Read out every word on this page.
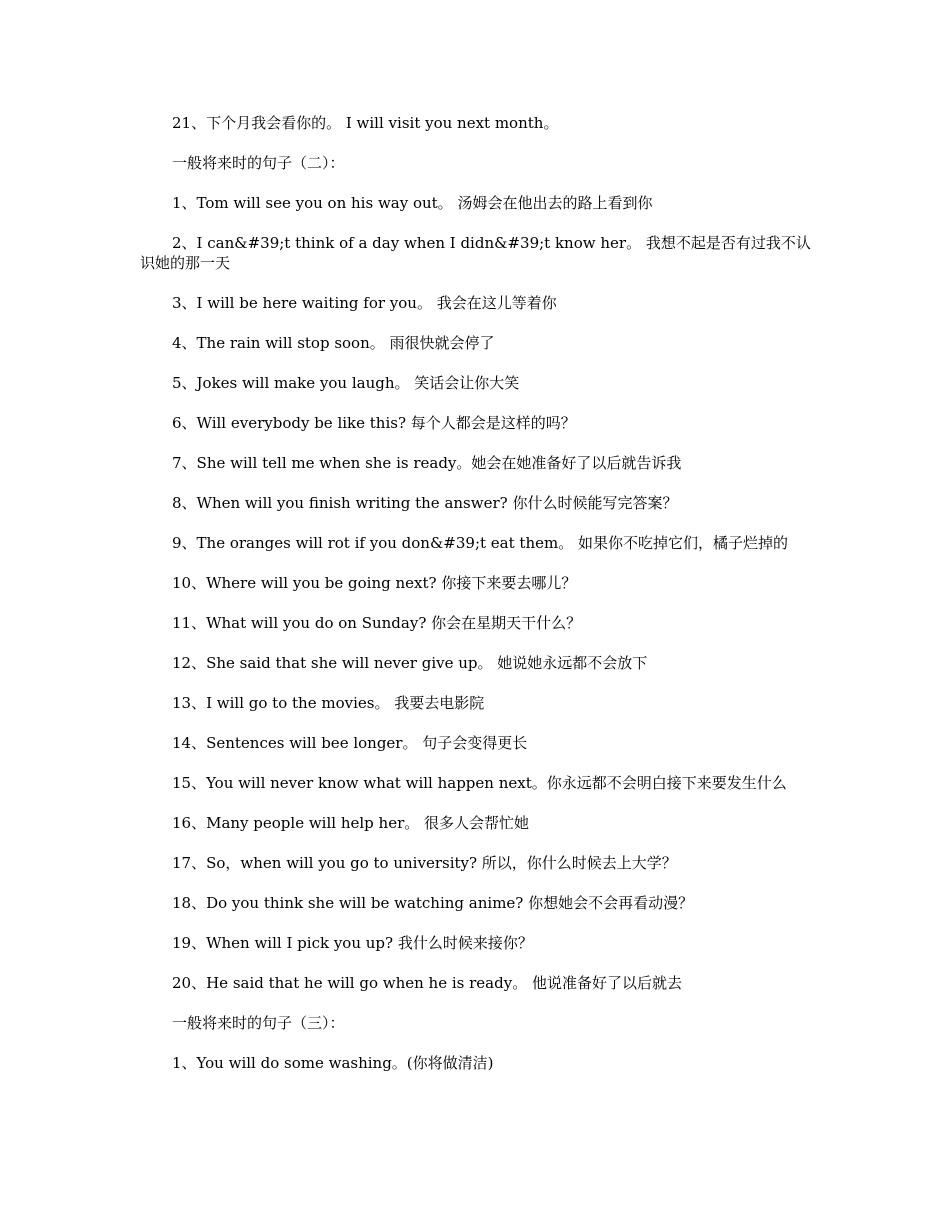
21、下个月我会看你的。 I will visit you next month。

一般将来时的句子（二）：

1、Tom will see you on his way out。 汤姆会在他出去的路上看到你

2、I can&#39;t think of a day when I didn&#39;t know her。 我想不起是否有过我不认识她的那一天

3、I will be here waiting for you。 我会在这儿等着你

4、The rain will stop soon。 雨很快就会停了

5、Jokes will make you laugh。 笑话会让你大笑

6、Will everybody be like this? 每个人都会是这样的吗？

7、She will tell me when she is ready。她会在她准备好了以后就告诉我

8、When will you finish writing the answer? 你什么时候能写完答案？

9、The oranges will rot if you don&#39;t eat them。 如果你不吃掉它们，橘子烂掉的

10、Where will you be going next? 你接下来要去哪儿？

11、What will you do on Sunday? 你会在星期天干什么？

12、She said that she will never give up。 她说她永远都不会放下

13、I will go to the movies。 我要去电影院

14、Sentences will bee longer。 句子会变得更长

15、You will never know what will happen next。你永远都不会明白接下来要发生什么

16、Many people will help her。 很多人会帮忙她

17、So，when will you go to university? 所以，你什么时候去上大学？

18、Do you think she will be watching anime? 你想她会不会再看动漫？

19、When will I pick you up? 我什么时候来接你？

20、He said that he will go when he is ready。 他说准备好了以后就去

一般将来时的句子（三）：

1、You will do some washing。(你将做清洁)
